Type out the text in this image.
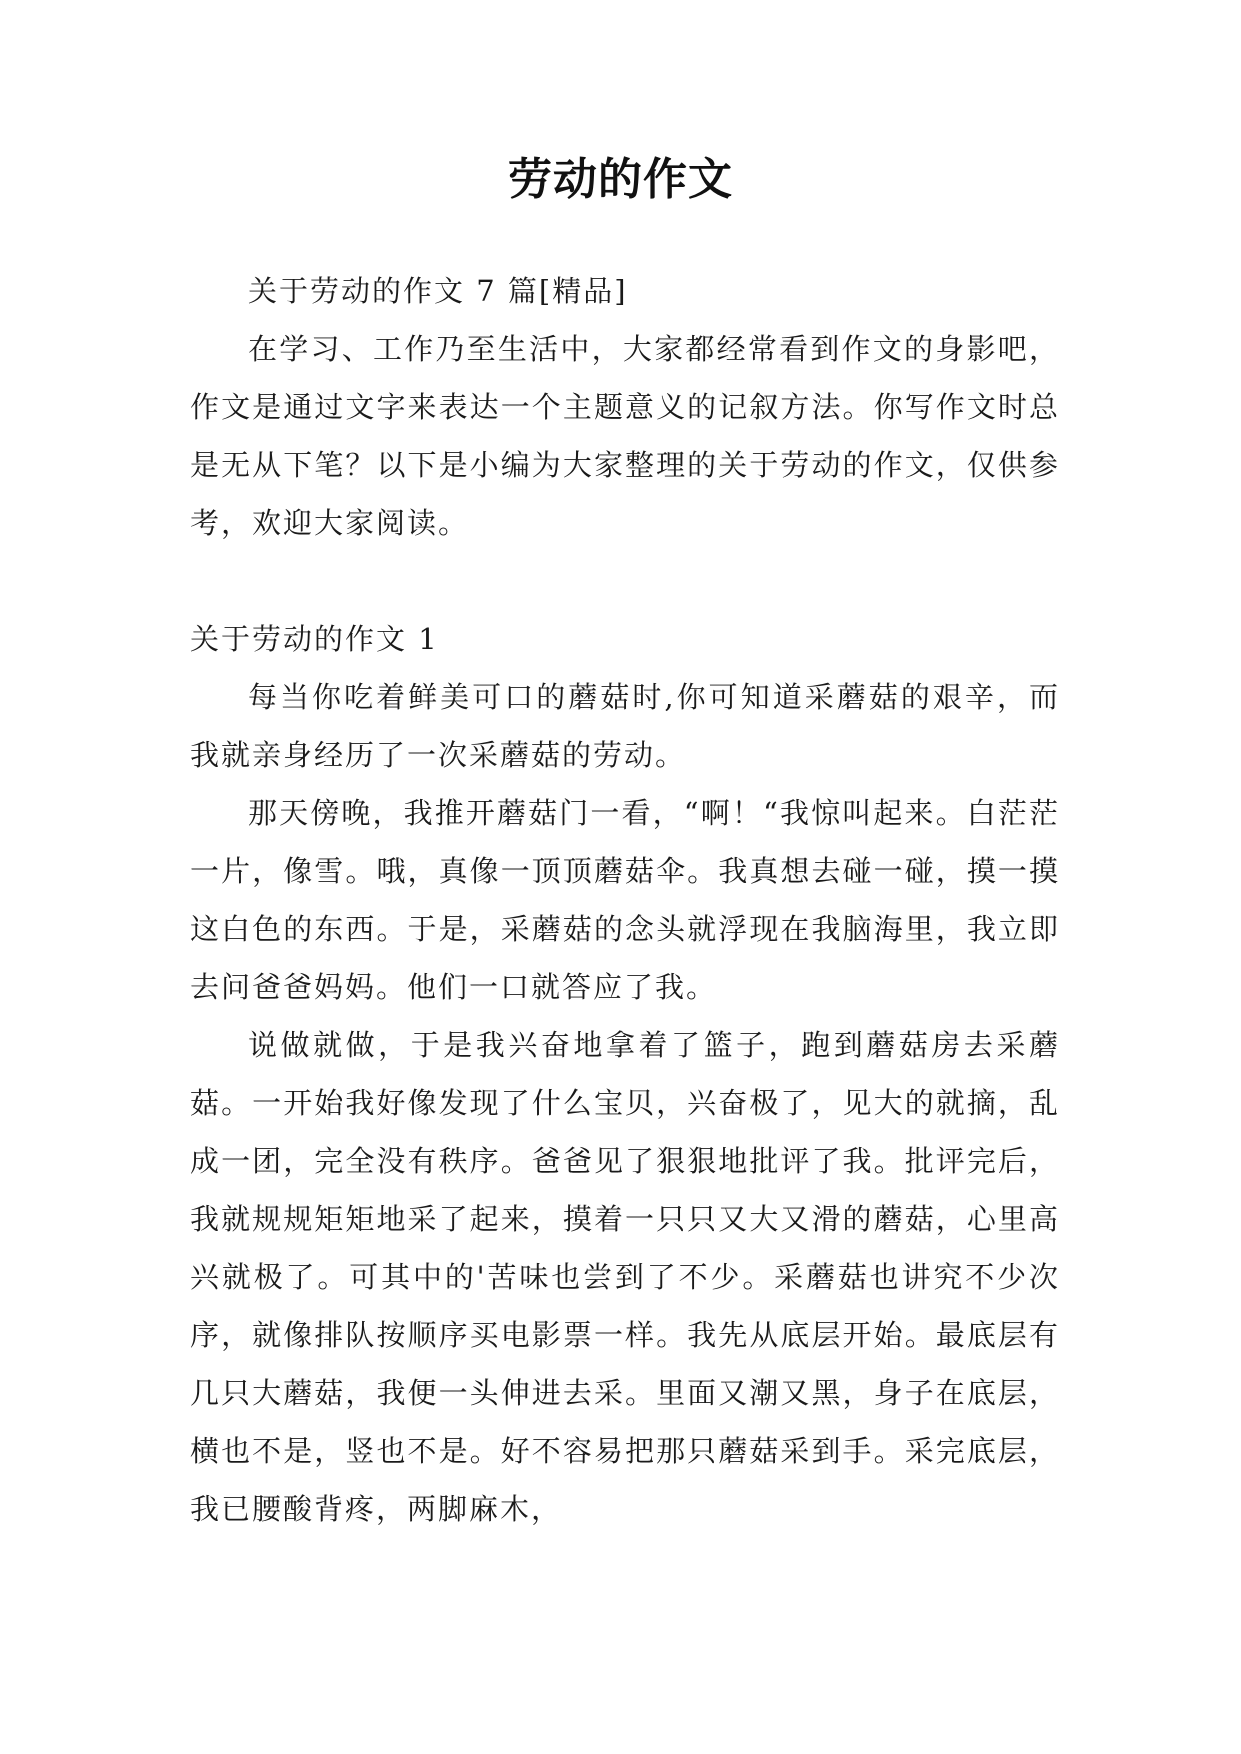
劳动的作文

关于劳动的作文 7 篇[精品]

在学习、工作乃至生活中，大家都经常看到作文的身影吧，作文是通过文字来表达一个主题意义的记叙方法。你写作文时总是无从下笔？以下是小编为大家整理的关于劳动的作文，仅供参考，欢迎大家阅读。

关于劳动的作文 1

每当你吃着鲜美可口的蘑菇时,你可知道采蘑菇的艰辛，而我就亲身经历了一次采蘑菇的劳动。

那天傍晚，我推开蘑菇门一看，“啊！“我惊叫起来。白茫茫一片，像雪。哦，真像一顶顶蘑菇伞。我真想去碰一碰，摸一摸这白色的东西。于是，采蘑菇的念头就浮现在我脑海里，我立即去问爸爸妈妈。他们一口就答应了我。

说做就做，于是我兴奋地拿着了篮子，跑到蘑菇房去采蘑菇。一开始我好像发现了什么宝贝，兴奋极了，见大的就摘，乱成一团，完全没有秩序。爸爸见了狠狠地批评了我。批评完后，我就规规矩矩地采了起来，摸着一只只又大又滑的蘑菇，心里高兴就极了。可其中的'苦味也尝到了不少。采蘑菇也讲究不少次序，就像排队按顺序买电影票一样。我先从底层开始。最底层有几只大蘑菇，我便一头伸进去采。里面又潮又黑，身子在底层，横也不是，竖也不是。好不容易把那只蘑菇采到手。采完底层，我已腰酸背疼，两脚麻木，
